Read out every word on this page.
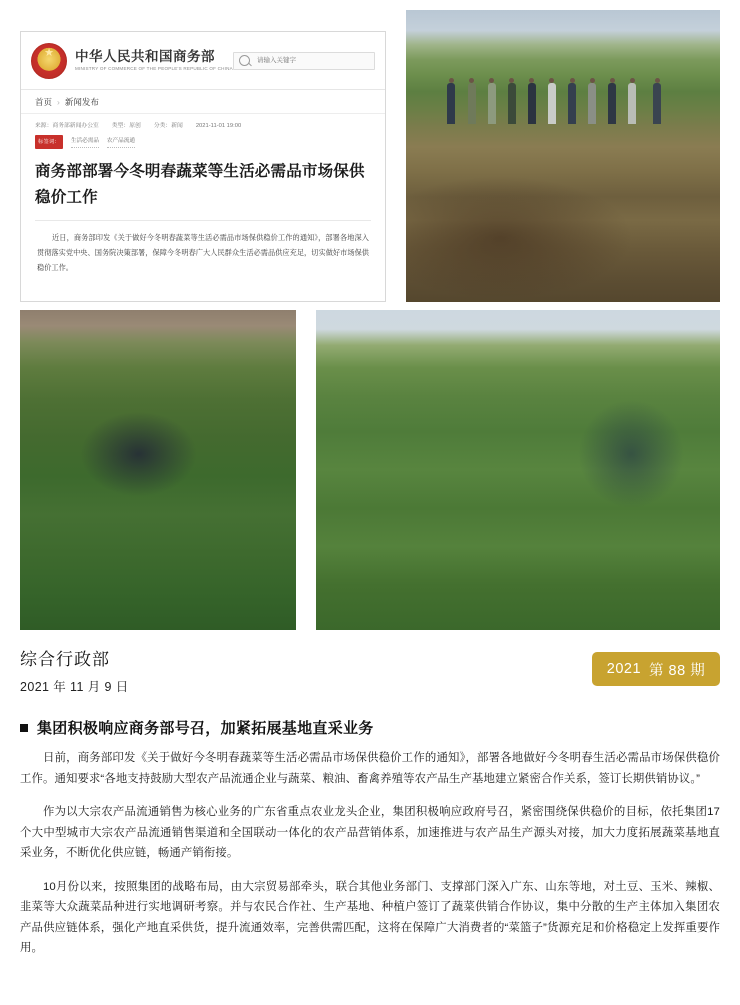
★
中华人民共和国商务部
MINISTRY OF COMMERCE OF THE PEOPLE'S REPUBLIC OF CHINA
请输入关键字
首页 › 新闻发布
来源：商务部新闻办公室 类型：原创 分类：新闻 2021-11-01 19:00
标签词：	生活必需品 农产品流通
商务部部署今冬明春蔬菜等生活必需品市场保供稳价工作
近日，商务部印发《关于做好今冬明春蔬菜等生活必需品市场保供稳价工作的通知》，部署各地深入贯彻落实党中央、国务院决策部署，保障今冬明春广大人民群众生活必需品供应充足，切实做好市场保供稳价工作。
综合行政部
2021 年 11 月 9 日
2021 第 88 期
集团积极响应商务部号召，加紧拓展基地直采业务

日前，商务部印发《关于做好今冬明春蔬菜等生活必需品市场保供稳价工作的通知》，部署各地做好今冬明春生活必需品市场保供稳价工作。通知要求“各地支持鼓励大型农产品流通企业与蔬菜、粮油、畜禽养殖等农产品生产基地建立紧密合作关系，签订长期供销协议。”

作为以大宗农产品流通销售为核心业务的广东省重点农业龙头企业，集团积极响应政府号召，紧密围绕保供稳价的目标，依托集团17个大中型城市大宗农产品流通销售渠道和全国联动一体化的农产品营销体系，加速推进与农产品生产源头对接，加大力度拓展蔬菜基地直采业务，不断优化供应链，畅通产销衔接。

10月份以来，按照集团的战略布局，由大宗贸易部牵头，联合其他业务部门、支撑部门深入广东、山东等地，对土豆、玉米、辣椒、韭菜等大众蔬菜品种进行实地调研考察。并与农民合作社、生产基地、种植户签订了蔬菜供销合作协议，集中分散的生产主体加入集团农产品供应链体系，强化产地直采供货，提升流通效率，完善供需匹配，这将在保障广大消费者的“菜篮子”货源充足和价格稳定上发挥重要作用。
